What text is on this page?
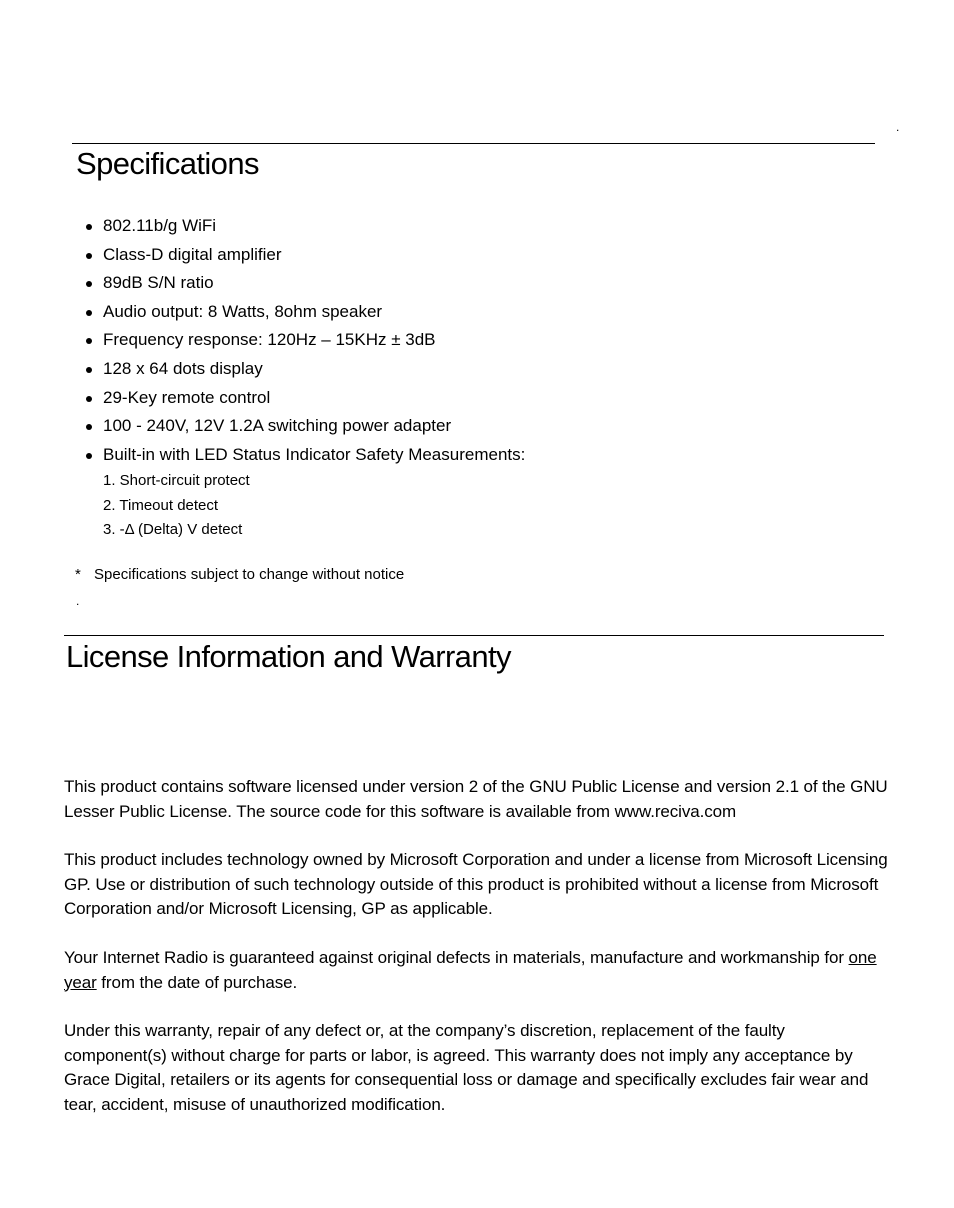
.
Specifications
802.11b/g WiFi
Class-D digital amplifier
89dB S/N ratio
Audio output: 8 Watts, 8ohm speaker
Frequency response: 120Hz – 15KHz ± 3dB
128 x 64 dots display
29-Key remote control
100 - 240V, 12V 1.2A switching power adapter
Built-in with LED Status Indicator Safety Measurements:
1. Short-circuit protect
2. Timeout detect
3. -Δ (Delta) V detect
* Specifications subject to change without notice
.
License Information and Warranty

This product contains software licensed under version 2 of the GNU Public License and version 2.1 of the GNU Lesser Public License. The source code for this software is available from www.reciva.com

This product includes technology owned by Microsoft Corporation and under a license from Microsoft Licensing GP. Use or distribution of such technology outside of this product is prohibited without a license from Microsoft Corporation and/or Microsoft Licensing, GP as applicable.

Your Internet Radio is guaranteed against original defects in materials, manufacture and workmanship for one year from the date of purchase.

Under this warranty, repair of any defect or, at the company’s discretion, replacement of the faulty component(s) without charge for parts or labor, is agreed. This warranty does not imply any acceptance by Grace Digital, retailers or its agents for consequential loss or damage and specifically excludes fair wear and tear, accident, misuse of unauthorized modification.
